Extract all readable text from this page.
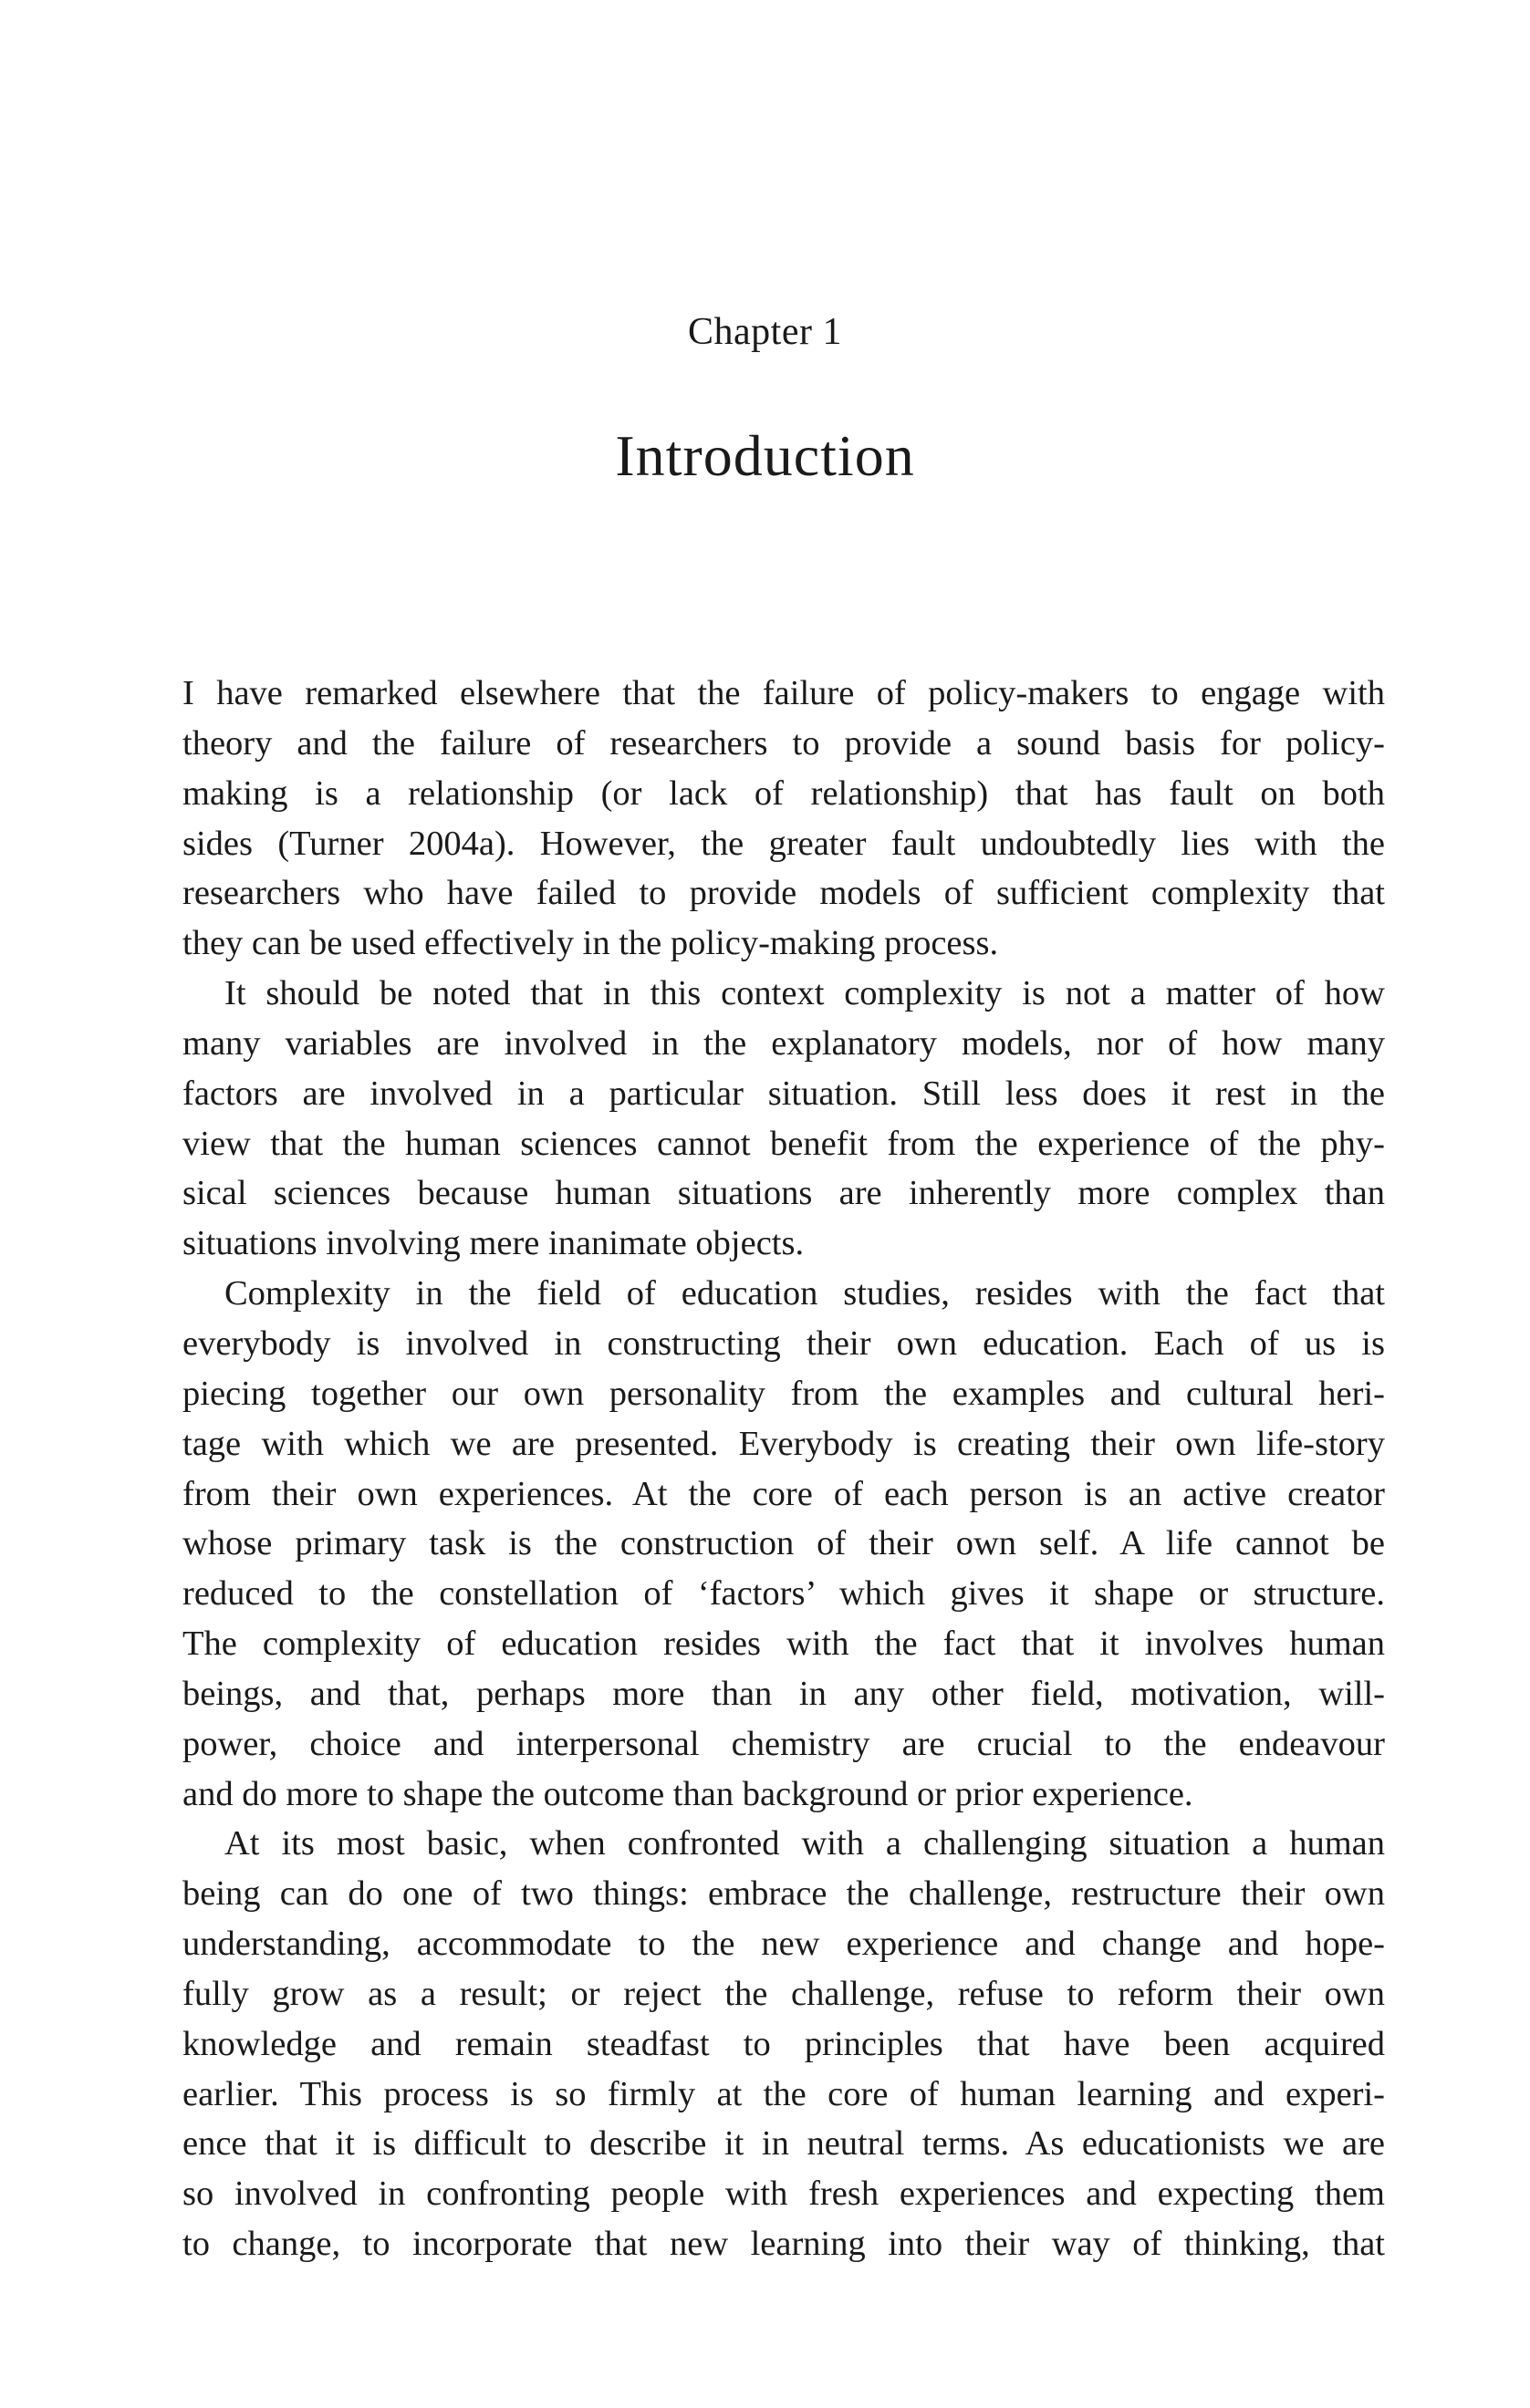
Chapter 1
Introduction

I have remarked elsewhere that the failure of policy-makers to engage with
theory and the failure of researchers to provide a sound basis for policy-
making is a relationship (or lack of relationship) that has fault on both
sides (Turner 2004a). However, the greater fault undoubtedly lies with the
researchers who have failed to provide models of sufficient complexity that
they can be used effectively in the policy-making process.

It should be noted that in this context complexity is not a matter of how
many variables are involved in the explanatory models, nor of how many
factors are involved in a particular situation. Still less does it rest in the
view that the human sciences cannot benefit from the experience of the phy-
sical sciences because human situations are inherently more complex than
situations involving mere inanimate objects.

Complexity in the field of education studies, resides with the fact that
everybody is involved in constructing their own education. Each of us is
piecing together our own personality from the examples and cultural heri-
tage with which we are presented. Everybody is creating their own life-story
from their own experiences. At the core of each person is an active creator
whose primary task is the construction of their own self. A life cannot be
reduced to the constellation of ‘factors’ which gives it shape or structure.
The complexity of education resides with the fact that it involves human
beings, and that, perhaps more than in any other field, motivation, will-
power, choice and interpersonal chemistry are crucial to the endeavour
and do more to shape the outcome than background or prior experience.

At its most basic, when confronted with a challenging situation a human
being can do one of two things: embrace the challenge, restructure their own
understanding, accommodate to the new experience and change and hope-
fully grow as a result; or reject the challenge, refuse to reform their own
knowledge and remain steadfast to principles that have been acquired
earlier. This process is so firmly at the core of human learning and experi-
ence that it is difficult to describe it in neutral terms. As educationists we are
so involved in confronting people with fresh experiences and expecting them
to change, to incorporate that new learning into their way of thinking, that
